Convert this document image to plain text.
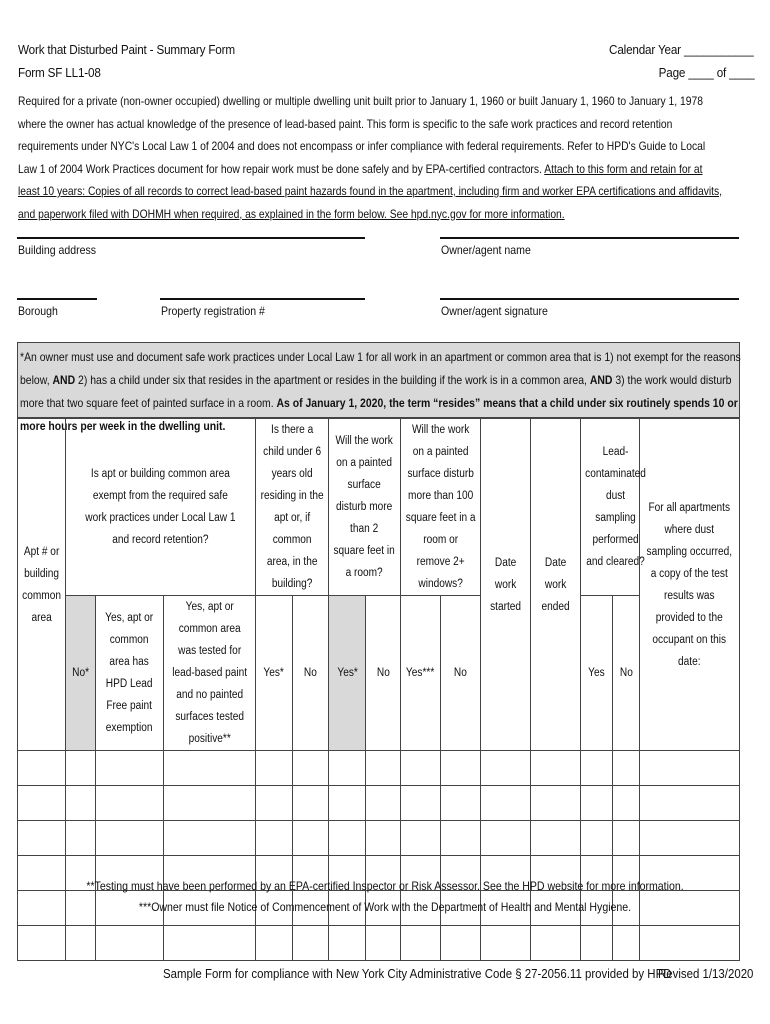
Work that Disturbed Paint - Summary Form
Form SF LL1-08
Calendar Year ___________
Page ____ of ____
Required for a private (non-owner occupied) dwelling or multiple dwelling unit built prior to January 1, 1960 or built January 1, 1960 to January 1, 1978 where the owner has actual knowledge of the presence of lead-based paint. This form is specific to the safe work practices and record retention requirements under NYC's Local Law 1 of 2004 and does not encompass or infer compliance with federal requirements. Refer to HPD's Guide to Local Law 1 of 2004 Work Practices document for how repair work must be done safely and by EPA-certified contractors. Attach to this form and retain for at least 10 years: Copies of all records to correct lead-based paint hazards found in the apartment, including firm and worker EPA certifications and affidavits, and paperwork filed with DOHMH when required, as explained in the form below. See hpd.nyc.gov for more information.
Building address	Owner/agent name
Borough	Property registration #	Owner/agent signature
*An owner must use and document safe work practices under Local Law 1 for all work in an apartment or common area that is 1) not exempt for the reasons below, AND 2) has a child under six that resides in the apartment or resides in the building if the work is in a common area, AND 3) the work would disturb more that two square feet of painted surface in a room. As of January 1, 2020, the term “resides” means that a child under six routinely spends 10 or more hours per week in the dwelling unit.
Apt # or building common area	Is apt or building common area exempt from the required safe work practices under Local Law 1 and record retention?			Is there a child under 6 years old residing in the apt or, if common area, in the building?		Will the work on a painted surface disturb more than 2 square feet in a room?		Will the work on a painted surface disturb more than 100 square feet in a room or remove 2+ windows?		Date work started	Date work ended	Lead-contaminated dust sampling performed and cleared?		For all apartments where dust sampling occurred, a copy of the test results was provided to the occupant on this date:
	No*	Yes, apt or common area has HPD Lead Free paint exemption	Yes, apt or common area was tested for lead-based paint and no painted surfaces tested positive**	Yes*	No	Yes*	No	Yes***	No			Yes	No	

**Testing must have been performed by an EPA-certified Inspector or Risk Assessor. See the HPD website for more information.
***Owner must file Notice of Commencement of Work with the Department of Health and Mental Hygiene.
Sample Form for compliance with New York City Administrative Code § 27-2056.11 provided by HPD
Revised 1/13/2020
